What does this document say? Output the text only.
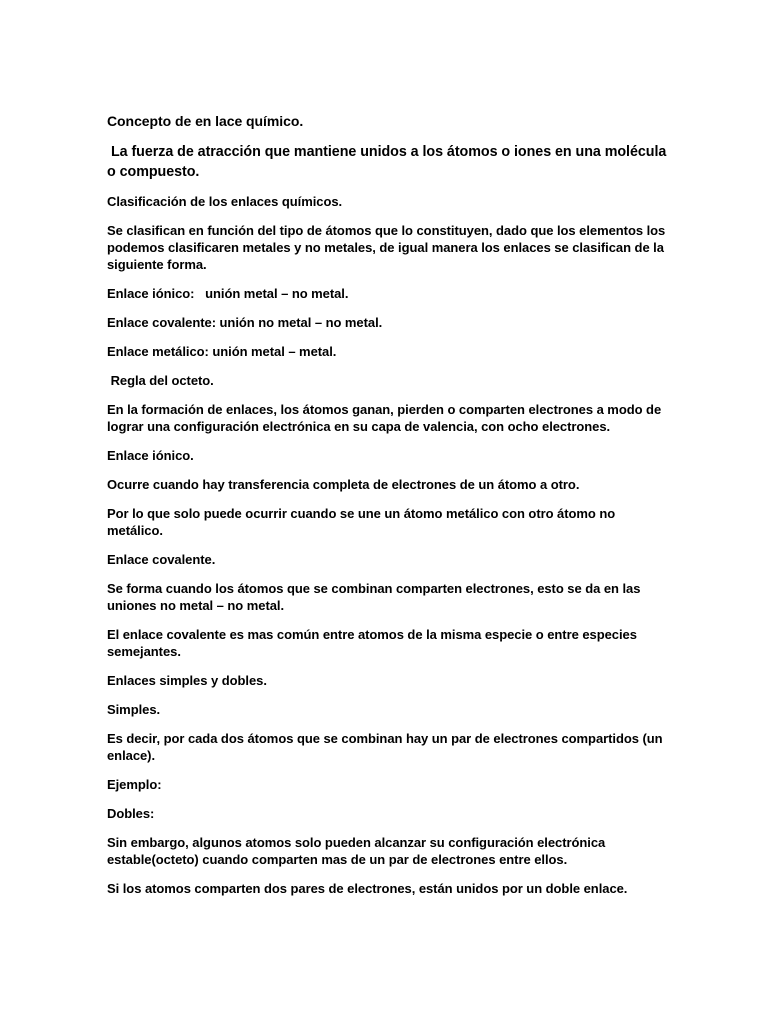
Concepto de en lace químico.

La fuerza de atracción que mantiene unidos a los átomos o iones en una molécula o compuesto.

Clasificación de los enlaces químicos.

Se clasifican en función del tipo de átomos que lo constituyen, dado que los elementos los podemos clasificaren metales y no metales, de igual manera los enlaces se clasifican de la siguiente forma.

Enlace iónico:   unión metal – no metal.

Enlace covalente: unión no metal – no metal.

Enlace metálico: unión metal – metal.

Regla del octeto.

En la formación de enlaces, los átomos ganan, pierden o comparten electrones a modo de lograr una configuración electrónica en su capa de valencia, con ocho electrones.

Enlace iónico.

Ocurre cuando hay transferencia completa de electrones de un átomo a otro.

Por lo que solo puede ocurrir cuando se une un átomo metálico con otro átomo no metálico.

Enlace covalente.

Se forma cuando los átomos que se combinan comparten electrones, esto se da en las uniones no metal – no metal.

El enlace covalente es mas común entre atomos de la misma especie o entre especies semejantes.

Enlaces simples y dobles.

Simples.

Es decir, por cada dos átomos que se combinan hay un par de electrones compartidos (un enlace).

Ejemplo:

Dobles:

Sin embargo, algunos atomos solo pueden alcanzar su configuración electrónica estable(octeto) cuando comparten mas de un par de electrones entre ellos.

Si los atomos comparten dos pares de electrones, están unidos por un doble enlace.
